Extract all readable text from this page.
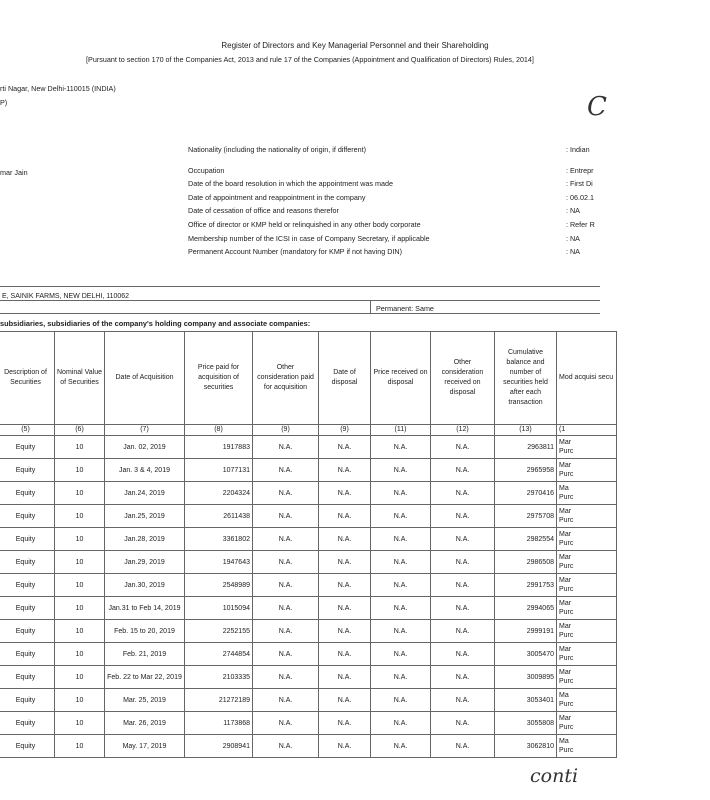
Register of Directors and Key Managerial Personnel and their Shareholding
[Pursuant to section 170 of the Companies Act, 2013 and rule 17 of the Companies (Appointment and Qualification of Directors) Rules, 2014]
rti Nagar, New Delhi-110015 (INDIA)
P)	C
mar Jain
Nationality (including the nationality of origin, if different)	: Indian
Occupation	: Entrepr
Date of the board resolution in which the appointment was made	: First Di
Date of appointment and reappointment in the company	: 06.02.1
Date of cessation of office and reasons therefor	: NA
Office of director or KMP held or relinquished in any other body corporate	: Refer R
Membership number of the ICSI in case of Company Secretary, if applicable	: NA
Permanent Account Number (mandatory for KMP if not having DIN)	: NA
E, SAINIK FARMS, NEW DELHI, 110062
Permanent: Same
subsidiaries, subsidiaries of the company's holding company and associate companies:
Description of Securities	Nominal Value of Securities	Date of Acquisition	Price paid for acquisition of securities	Other consideration paid for acquisition	Date of disposal	Price received on disposal	Other consideration received on disposal	Cumulative balance and number of securities held after each transaction	Mod acquisi secu
(5)	(6)	(7)	(8)	(9)	(9)	(11)	(12)	(13)	(1
Equity	10	Jan. 02, 2019	1917883	N.A.	N.A.	N.A.	N.A.	2963811	Mar
Purc

Equity	10	Jan. 3 & 4, 2019	1077131	N.A.	N.A.	N.A.	N.A.	2965958	Mar
Purc

Equity	10	Jan.24, 2019	2204324	N.A.	N.A.	N.A.	N.A.	2970416	Ma
Purc

Equity	10	Jan.25, 2019	2611438	N.A.	N.A.	N.A.	N.A.	2975708	Mar
Purc

Equity	10	Jan.28, 2019	3361802	N.A.	N.A.	N.A.	N.A.	2982554	Mar
Purc

Equity	10	Jan.29, 2019	1947643	N.A.	N.A.	N.A.	N.A.	2986508	Mar
Purc

Equity	10	Jan.30, 2019	2548989	N.A.	N.A.	N.A.	N.A.	2991753	Mar
Purc

Equity	10	Jan.31 to Feb 14, 2019	1015094	N.A.	N.A.	N.A.	N.A.	2994065	Mar
Purc

Equity	10	Feb. 15 to 20, 2019	2252155	N.A.	N.A.	N.A.	N.A.	2999191	Mar
Purc

Equity	10	Feb. 21, 2019	2744854	N.A.	N.A.	N.A.	N.A.	3005470	Mar
Purc

Equity	10	Feb. 22 to Mar 22, 2019	2103335	N.A.	N.A.	N.A.	N.A.	3009895	Mar
Purc

Equity	10	Mar. 25, 2019	21272189	N.A.	N.A.	N.A.	N.A.	3053401	Ma
Purc

Equity	10	Mar. 26, 2019	1173868	N.A.	N.A.	N.A.	N.A.	3055808	Mar
Purc

Equity	10	May. 17, 2019	2908941	N.A.	N.A.	N.A.	N.A.	3062810	Ma
Purc
conti
